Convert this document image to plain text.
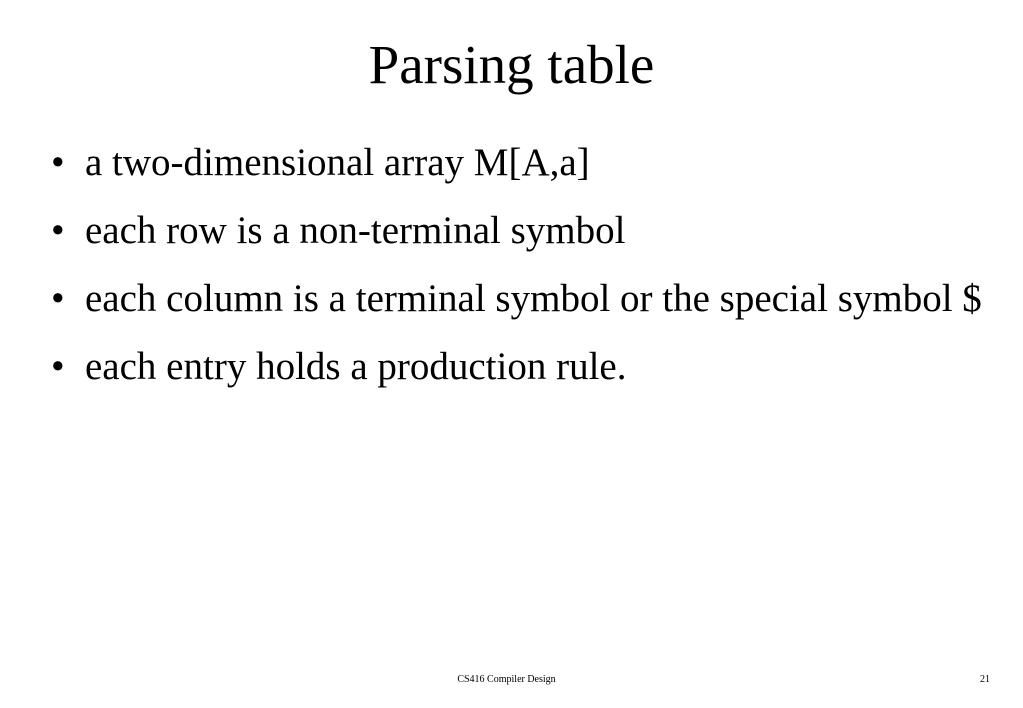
Parsing table
• a two-dimensional array M[A,a]
• each row is a non-terminal symbol
• each column is a terminal symbol or the special symbol $
• each entry holds a production rule.
CS416 Compiler Design	21
